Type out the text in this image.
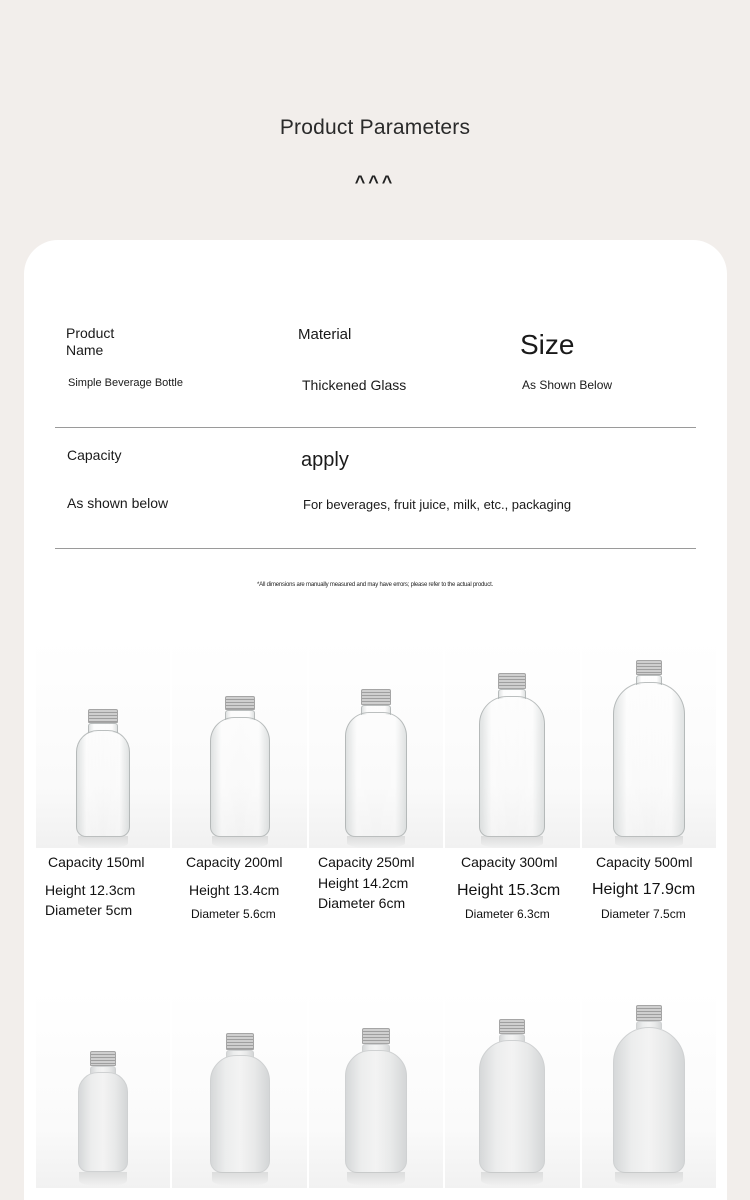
Product Parameters
^^^
Product
Name
Simple Beverage Bottle
Material
Thickened Glass
Size
As Shown Below
Capacity	apply
As shown below	For beverages, fruit juice, milk, etc., packaging
*All dimensions are manually measured and may have errors; please refer to the actual product.
Capacity 150ml
Height 12.3cm
Diameter 5cm
Capacity 200ml
Height 13.4cm
Diameter 5.6cm
Capacity 250ml
Height 14.2cm
Diameter 6cm
Capacity 300ml
Height 15.3cm
Diameter 6.3cm
Capacity 500ml
Height 17.9cm
Diameter 7.5cm
